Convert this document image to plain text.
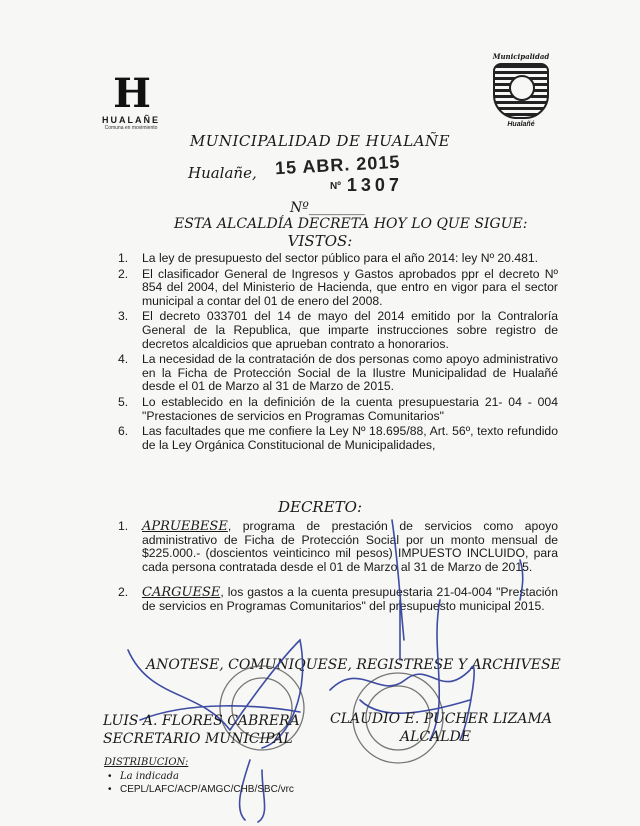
H
HUALAÑE
Comuna en movimiento
Municipalidad
Hualañé
MUNICIPALIDAD DE HUALAÑE
Hualañe, 15 ABR. 2015
Nº 1307
Nº________
ESTA ALCALDÍA DECRETA HOY LO QUE SIGUE:
VISTOS:
1. La ley de presupuesto del sector público para el año 2014: ley Nº 20.481.
2. El clasificador General de Ingresos y Gastos aprobados ppr el decreto Nº 854 del 2004, del Ministerio de Hacienda, que entro en vigor para el sector municipal a contar del 01 de enero del 2008.
3. El decreto 033701 del 14 de mayo del 2014 emitido por la Contraloría General de la Republica, que imparte instrucciones sobre registro de decretos alcaldicios que aprueban contrato a honorarios.
4. La necesidad de la contratación de dos personas como apoyo administrativo en la Ficha de Protección Social de la Ilustre Municipalidad de Hualañé desde el 01 de Marzo al 31 de Marzo de 2015.
5. Lo establecido en la definición de la cuenta presupuestaria 21- 04 - 004 "Prestaciones de servicios en Programas Comunitarios"
6. Las facultades que me confiere la Ley Nº 18.695/88, Art. 56º, texto refundido de la Ley Orgánica Constitucional de Municipalidades,
DECRETO:
1. APRUEBESE, programa de prestación de servicios como apoyo administrativo de Ficha de Protección Social por un monto mensual de $225.000.- (doscientos veinticinco mil pesos) IMPUESTO INCLUIDO, para cada persona contratada desde el 01 de Marzo al 31 de Marzo de 2015.
2. CARGUESE, los gastos a la cuenta presupuestaria 21-04-004 "Prestación de servicios en Programas Comunitarios" del presupuesto municipal 2015.
ANOTESE, COMUNIQUESE, REGISTRESE Y ARCHIVESE
LUIS A. FLORES CABRERA
SECRETARIO MUNICIPAL
CLAUDIO E. PUCHER LIZAMA
ALCALDE
DISTRIBUCION:
• La indicada
• CEPL/LAFC/ACP/AMGC/CHB/SBC/vrc
